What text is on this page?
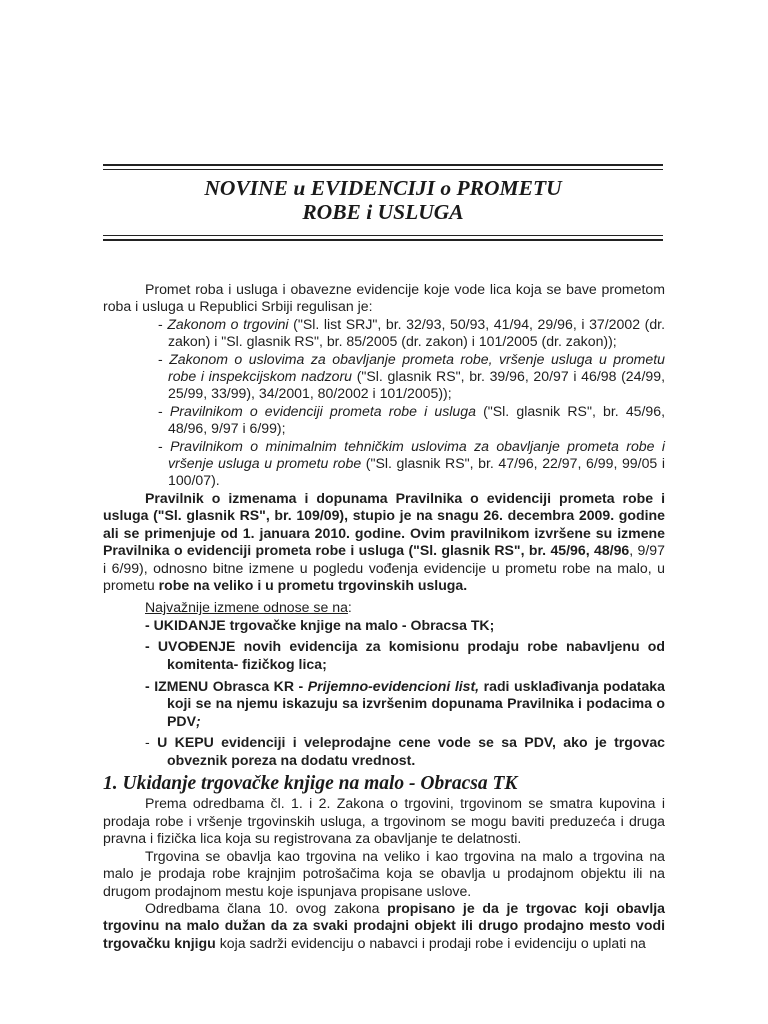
NOVINE u EVIDENCIJI o PROMETU
ROBE i USLUGA

Promet roba i usluga i obavezne evidencije koje vode lica koja se bave prometom roba i usluga u Republici Srbiji regulisan je:

- Zakonom o trgovini ("Sl. list SRJ", br. 32/93, 50/93, 41/94, 29/96, i 37/2002 (dr. zakon) i "Sl. glasnik RS", br. 85/2005 (dr. zakon) i 101/2005 (dr. zakon));
- Zakonom o uslovima za obavljanje prometa robe, vršenje usluga u prometu robe i inspekcijskom nadzoru ("Sl. glasnik RS", br. 39/96, 20/97 i 46/98 (24/99, 25/99, 33/99), 34/2001, 80/2002 i 101/2005));
- Pravilnikom o evidenciji prometa robe i usluga ("Sl. glasnik RS", br. 45/96, 48/96, 9/97 i 6/99);
- Pravilnikom o minimalnim tehničkim uslovima za obavljanje prometa robe i vršenje usluga u prometu robe ("Sl. glasnik RS", br. 47/96, 22/97, 6/99, 99/05 i 100/07).

Pravilnik o izmenama i dopunama Pravilnika o evidenciji prometa robe i usluga ("Sl. glasnik RS", br. 109/09), stupio je na snagu 26. decembra 2009. godine ali se primenjuje od 1. januara 2010. godine. Ovim pravilnikom izvršene su izmene Pravilnika o evidenciji prometa robe i usluga ("Sl. glasnik RS", br. 45/96, 48/96, 9/97 i 6/99), odnosno bitne izmene u pogledu vođenja evidencije u prometu robe na malo, u prometu robe na veliko i u prometu trgovinskih usluga.

Najvažnije izmene odnose se na:

- UKIDANJE trgovačke knjige na malo - Obracsa TK;
- UVOĐENJE novih evidencija za komisionu prodaju robe nabavljenu od komitenta- fizičkog lica;
- IZMENU Obrasca KR - Prijemno-evidencioni list, radi usklađivanja podataka koji se na njemu iskazuju sa izvršenim dopunama Pravilnika i podacima o PDV;
- U KEPU evidenciji i veleprodajne cene vode se sa PDV, ako je trgovac obveznik poreza na dodatu vrednost.

1. Ukidanje trgovačke knjige na malo - Obracsa TK

Prema odredbama čl. 1. i 2. Zakona o trgovini, trgovinom se smatra kupovina i prodaja robe i vršenje trgovinskih usluga, a trgovinom se mogu baviti preduzeća i druga pravna i fizička lica koja su registrovana za obavljanje te delatnosti.

Trgovina se obavlja kao trgovina na veliko i kao trgovina na malo a trgovina na malo je prodaja robe krajnjim potrošačima koja se obavlja u prodajnom objektu ili na drugom prodajnom mestu koje ispunjava propisane uslove.

Odredbama člana 10. ovog zakona propisano je da je trgovac koji obavlja trgovinu na malo dužan da za svaki prodajni objekt ili drugo prodajno mesto vodi trgovačku knjigu koja sadrži evidenciju o nabavci i prodaji robe i evidenciju o uplati na
